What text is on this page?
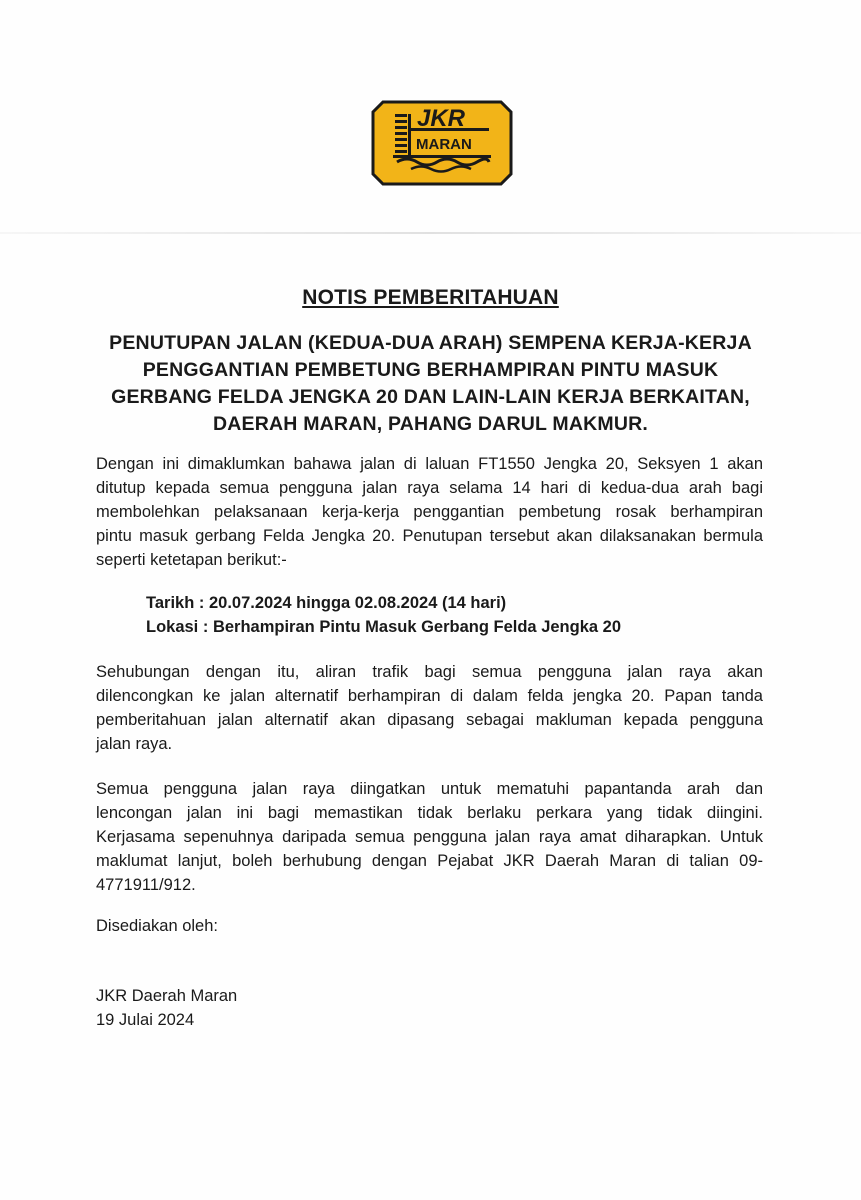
JKR
MARAN
NOTIS PEMBERITAHUAN
PENUTUPAN JALAN (KEDUA-DUA ARAH) SEMPENA KERJA-KERJA
PENGGANTIAN PEMBETUNG BERHAMPIRAN PINTU MASUK
GERBANG FELDA JENGKA 20 DAN LAIN-LAIN KERJA BERKAITAN,
DAERAH MARAN, PAHANG DARUL MAKMUR.
Dengan ini dimaklumkan bahawa jalan di laluan FT1550 Jengka 20, Seksyen 1 akan
ditutup kepada semua pengguna jalan raya selama 14 hari di kedua-dua arah bagi
membolehkan pelaksanaan kerja-kerja penggantian pembetung rosak berhampiran
pintu masuk gerbang Felda Jengka 20. Penutupan tersebut akan dilaksanakan bermula
seperti ketetapan berikut:-
Tarikh :
20.07.2024 hingga 02.08.2024 (14 hari)
Lokasi :
Berhampiran Pintu Masuk Gerbang Felda Jengka 20
Sehubungan dengan itu, aliran trafik bagi semua pengguna jalan raya akan
dilencongkan ke jalan alternatif berhampiran di dalam felda jengka 20. Papan tanda
pemberitahuan jalan alternatif akan dipasang sebagai makluman kepada pengguna
jalan raya.
Semua pengguna jalan raya diingatkan untuk mematuhi papantanda arah dan
lencongan jalan ini bagi memastikan tidak berlaku perkara yang tidak diingini.
Kerjasama sepenuhnya daripada semua pengguna jalan raya amat diharapkan. Untuk
maklumat lanjut, boleh berhubung dengan Pejabat JKR Daerah Maran di talian 09-
4771911/912.
Disediakan oleh:
JKR Daerah Maran
19 Julai 2024
